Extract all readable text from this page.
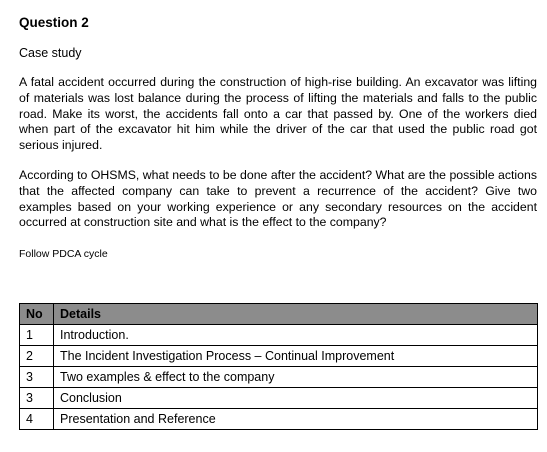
Question 2

Case study

A fatal accident occurred during the construction of high-rise building. An excavator was lifting of materials was lost balance during the process of lifting the materials and falls to the public road. Make its worst, the accidents fall onto a car that passed by. One of the workers died when part of the excavator hit him while the driver of the car that used the public road got serious injured.

According to OHSMS, what needs to be done after the accident? What are the possible actions that the affected company can take to prevent a recurrence of the accident? Give two examples based on your working experience or any secondary resources on the accident occurred at construction site and what is the effect to the company?

Follow PDCA cycle

No	Details
1	Introduction.
2	The Incident Investigation Process – Continual Improvement
3	Two examples & effect to the company
3	Conclusion
4	Presentation and Reference
